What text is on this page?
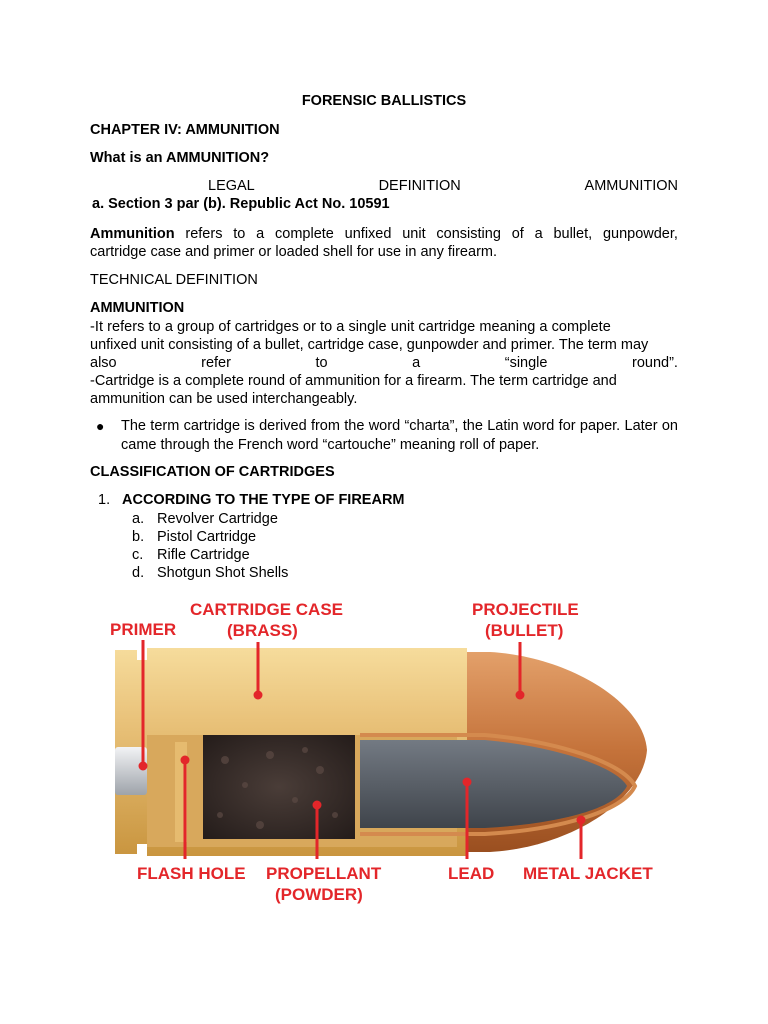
FORENSIC BALLISTICS
CHAPTER IV: AMMUNITION
What is an AMMUNITION?
LEGAL	DEFINITION	AMMUNITION
a. Section 3 par (b). Republic Act No. 10591
Ammunition refers to a complete unfixed unit consisting of a bullet, gunpowder,
cartridge case and primer or loaded shell for use in any firearm.
TECHNICAL DEFINITION
AMMUNITION
-It refers to a group of cartridges or to a single unit cartridge meaning a complete
unfixed unit consisting of a bullet, cartridge case, gunpowder and primer. The term may
also	refer	to	a	“single	round”.
-Cartridge is a complete round of ammunition for a firearm. The term cartridge and
ammunition can be used interchangeably.
● The term cartridge is derived from the word “charta”, the Latin word for paper. Later on came through the French word “cartouche” meaning roll of paper.
CLASSIFICATION OF CARTRIDGES
1. ACCORDING TO THE TYPE OF FIREARM
a. Revolver Cartridge
b. Pistol Cartridge
c. Rifle Cartridge
d. Shotgun Shot Shells
PRIMER
CARTRIDGE CASE
(BRASS)
PROJECTILE
(BULLET)
FLASH HOLE PROPELLANT
(POWDER)
LEAD METAL JACKET
